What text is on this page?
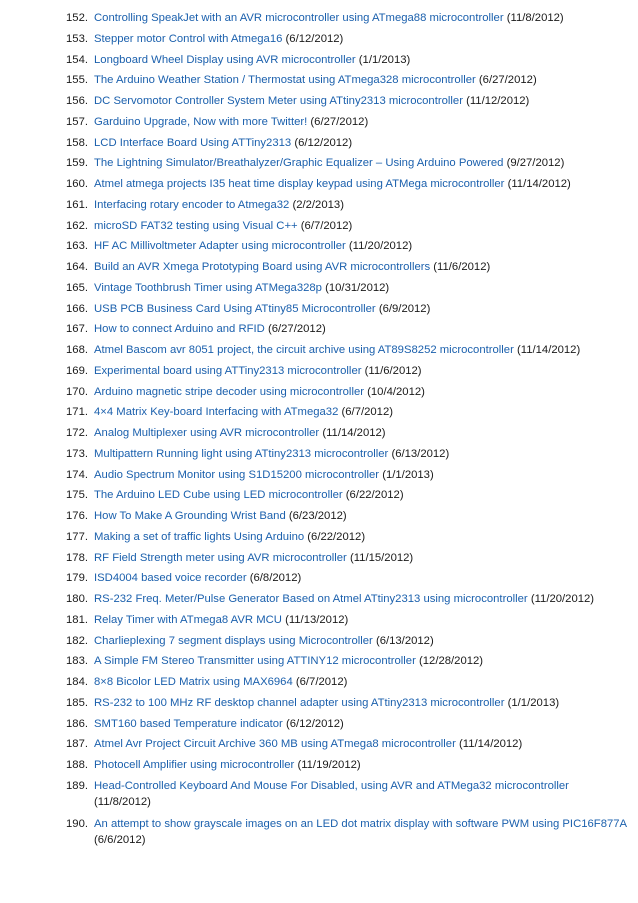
152. Controlling SpeakJet with an AVR microcontroller using ATmega88 microcontroller (11/8/2012)
153. Stepper motor Control with Atmega16 (6/12/2012)
154. Longboard Wheel Display using AVR microcontroller (1/1/2013)
155. The Arduino Weather Station / Thermostat using ATmega328 microcontroller (6/27/2012)
156. DC Servomotor Controller System Meter using ATtiny2313 microcontroller (11/12/2012)
157. Garduino Upgrade, Now with more Twitter! (6/27/2012)
158. LCD Interface Board Using ATTiny2313 (6/12/2012)
159. The Lightning Simulator/Breathalyzer/Graphic Equalizer – Using Arduino Powered (9/27/2012)
160. Atmel atmega projects I35 heat time display keypad using ATMega microcontroller (11/14/2012)
161. Interfacing rotary encoder to Atmega32 (2/2/2013)
162. microSD FAT32 testing using Visual C++ (6/7/2012)
163. HF AC Millivoltmeter Adapter using microcontroller (11/20/2012)
164. Build an AVR Xmega Prototyping Board using AVR microcontrollers (11/6/2012)
165. Vintage Toothbrush Timer using ATMega328p (10/31/2012)
166. USB PCB Business Card Using ATtiny85 Microcontroller (6/9/2012)
167. How to connect Arduino and RFID (6/27/2012)
168. Atmel Bascom avr 8051 project, the circuit archive using AT89S8252 microcontroller (11/14/2012)
169. Experimental board using ATTiny2313 microcontroller (11/6/2012)
170. Arduino magnetic stripe decoder using microcontroller (10/4/2012)
171. 4×4 Matrix Key-board Interfacing with ATmega32 (6/7/2012)
172. Analog Multiplexer using AVR microcontroller (11/14/2012)
173. Multipattern Running light using ATtiny2313 microcontroller (6/13/2012)
174. Audio Spectrum Monitor using S1D15200 microcontroller (1/1/2013)
175. The Arduino LED Cube using LED microcontroller (6/22/2012)
176. How To Make A Grounding Wrist Band (6/23/2012)
177. Making a set of traffic lights Using Arduino (6/22/2012)
178. RF Field Strength meter using AVR microcontroller (11/15/2012)
179. ISD4004 based voice recorder (6/8/2012)
180. RS-232 Freq. Meter/Pulse Generator Based on Atmel ATtiny2313 using microcontroller (11/20/2012)
181. Relay Timer with ATmega8 AVR MCU (11/13/2012)
182. Charlieplexing 7 segment displays using Microcontroller (6/13/2012)
183. A Simple FM Stereo Transmitter using ATTINY12 microcontroller (12/28/2012)
184. 8×8 Bicolor LED Matrix using MAX6964 (6/7/2012)
185. RS-232 to 100 MHz RF desktop channel adapter using ATtiny2313 microcontroller (1/1/2013)
186. SMT160 based Temperature indicator (6/12/2012)
187. Atmel Avr Project Circuit Archive 360 MB using ATmega8 microcontroller (11/14/2012)
188. Photocell Amplifier using microcontroller (11/19/2012)
189. Head-Controlled Keyboard And Mouse For Disabled, using AVR and ATMega32 microcontroller (11/8/2012)
190. An attempt to show grayscale images on an LED dot matrix display with software PWM using PIC16F877A (6/6/2012)
